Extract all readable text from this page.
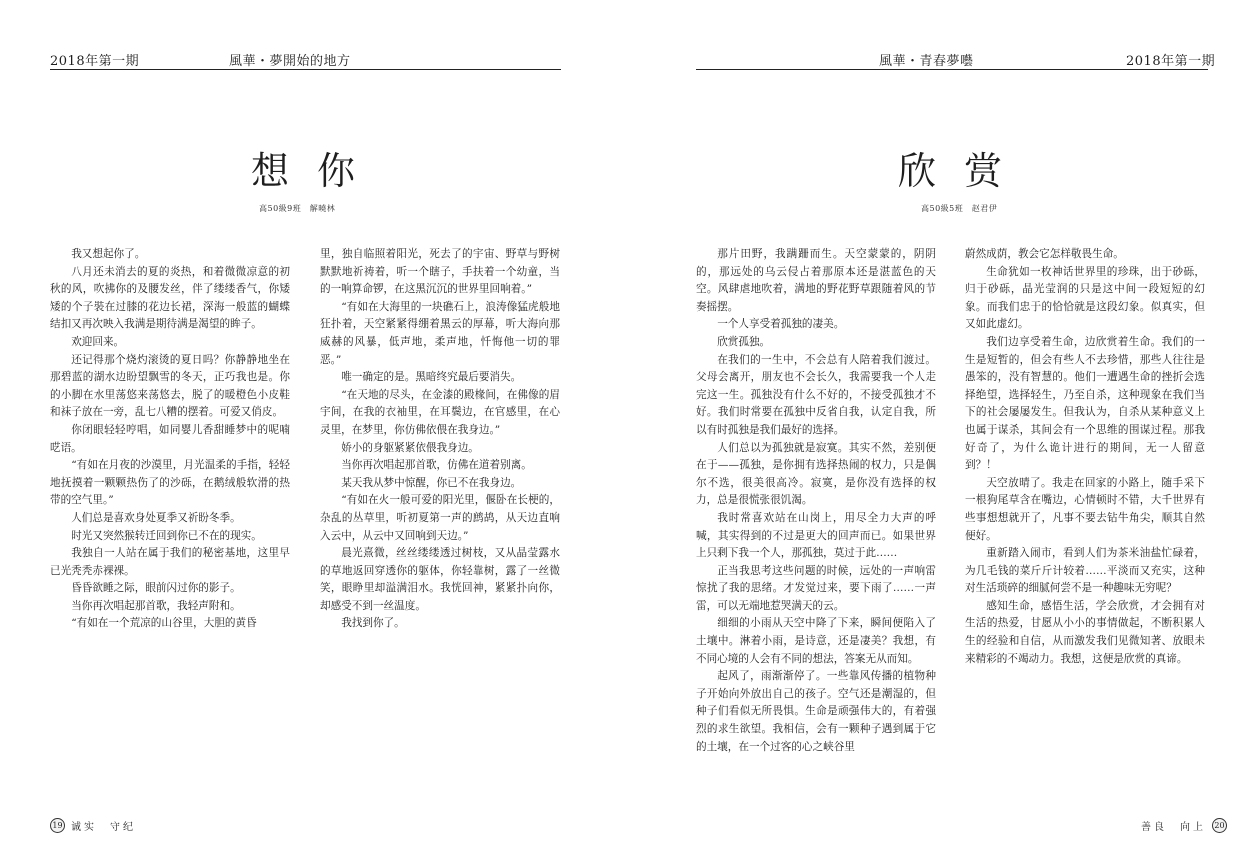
2018年第一期	風華・夢開始的地方
想你
高50級9班　解曉林

我又想起你了。

八月还未消去的夏的炎热，和着微微凉意的初秋的风，吹拂你的及腰发丝，伴了缕缕香气，你矮矮的个子裝在过膝的花边长裙，深海一般蓝的蝴蝶结扣又再次映入我满是期待满是渴望的眸子。

欢迎回来。

还记得那个烧灼滚烫的夏日吗？你静静地坐在那碧蓝的湖水边盼望飘雪的冬天，正巧我也是。你的小脚在水里荡悠来荡悠去，脱了的暖橙色小皮鞋和袜子放在一旁，乱七八糟的摆着。可爱又俏皮。

你闭眼轻轻哼唱，如同婴儿香甜睡梦中的呢喃呓语。

“有如在月夜的沙漠里，月光温柔的手指，轻轻地抚摸着一颗颗热伤了的沙砾，在鹅绒般软滑的热带的空气里。”

人们总是喜欢身处夏季又祈盼冬季。

时光又突然猴转迁回到你已不在的现实。

我独自一人站在属于我们的秘密基地，这里早已光秃秃赤裸裸。

昏昏欲睡之际，眼前闪过你的影子。

当你再次唱起那首歌，我轻声附和。

“有如在一个荒凉的山谷里，大胆的黄昏

里，独自临照着阳光，死去了的宇宙、野草与野树默默地祈祷着，听一个瞎子，手扶着一个幼童，当的一响算命锣，在这黑沉沉的世界里回响着。”

“有如在大海里的一块礁石上，浪涛像猛虎般地狂扑着，天空紧紧得绷着黑云的厚幕，听大海向那威赫的风暴，低声地，柔声地，忏悔他一切的罪恶。”

唯一确定的是。黑暗终究最后要消失。

“在天地的尽头，在金漆的殿椽间，在佛像的眉宇间，在我的衣袖里，在耳鬓边，在官感里，在心灵里，在梦里，你仿佛依偎在我身边。”

娇小的身躯紧紧依偎我身边。

当你再次唱起那首歌，仿佛在道着别离。

某天我从梦中惊醒，你已不在我身边。

“有如在火一般可爱的阳光里，偃卧在长梗的，杂乱的丛草里，听初夏第一声的鹧鸪，从天边直响入云中，从云中又回响到天边。”

晨光熹微，丝丝缕缕透过树枝，又从晶莹露水的草地返回穿透你的躯体，你轻靠树，露了一丝微笑，眼睁里却溢满泪水。我恍回神，紧紧扑向你，却感受不到一丝温度。

我找到你了。

19 诚实　守纪
風華・青春夢囈	2018年第一期
欣赏
高50級5班　赵君伊

那片田野，我蹒跚而生。天空蒙蒙的，阴阴的，那远处的乌云侵占着那原本还是湛蓝色的天空。风肆虐地吹着，满地的野花野草跟随着风的节奏摇摆。

一个人享受着孤独的凄美。

欣赏孤独。

在我们的一生中，不会总有人陪着我们渡过。父母会离开，朋友也不会长久，我需要我一个人走完这一生。孤独没有什么不好的，不接受孤独才不好。我们时常要在孤独中反省自我，认定自我，所以有时孤独是我们最好的选择。

人们总以为孤独就是寂寞。其实不然，差别便在于——孤独，是你拥有选择热闹的权力，只是偶尔不选，很美很高冷。寂寞，是你没有选择的权力，总是很慌张很饥渴。

我时常喜欢站在山岗上，用尽全力大声的呼喊，其实得到的不过是更大的回声而已。如果世界上只剩下我一个人，那孤独，莫过于此……

正当我思考这些问题的时候，远处的一声响雷惊扰了我的思绪。才发觉过来，要下雨了……一声雷，可以无端地惹哭满天的云。

细细的小雨从天空中降了下来，瞬间便陷入了土壤中。淋着小雨，是诗意，还是凄美？我想，有不同心境的人会有不同的想法，答案无从而知。

起风了，雨渐渐停了。一些靠风传播的植物种子开始向外放出自己的孩子。空气还是潮湿的，但种子们看似无所畏惧。生命是顽强伟大的，有着强烈的求生欲望。我相信，会有一颗种子遇到属于它的土壤，在一个过客的心之峡谷里

蔚然成荫，教会它怎样敬畏生命。

生命犹如一枚神话世界里的珍珠，出于砂砾，归于砂砾，晶光莹润的只是这中间一段短短的幻象。而我们忠于的恰恰就是这段幻象。似真实，但又如此虚幻。

我们边享受着生命，边欣赏着生命。我们的一生是短暂的，但会有些人不去珍惜，那些人往往是愚笨的，没有智慧的。他们一遭遇生命的挫折会选择绝望，选择轻生，乃至自杀，这种现象在我们当下的社会屡屡发生。但我认为，自杀从某种意义上也属于谋杀，其间会有一个思维的围谋过程。那我好奇了，为什么诡计进行的期间，无一人留意到？！

天空放晴了。我走在回家的小路上，随手采下一根狗尾草含在嘴边，心情顿时不错，大千世界有些事想想就开了，凡事不要去钻牛角尖，顺其自然便好。

重新踏入闹市，看到人们为茶米油盐忙碌着，为几毛钱的菜斤斤计较着……平淡而又充实，这种对生活琐碎的细腻何尝不是一种趣味无穷呢？

感知生命，感悟生活，学会欣赏，才会拥有对生活的热爱，甘愿从小小的事情做起，不断积累人生的经验和自信，从而激发我们见微知著、放眼未来精彩的不竭动力。我想，这便是欣赏的真谛。

善良　向上	20
